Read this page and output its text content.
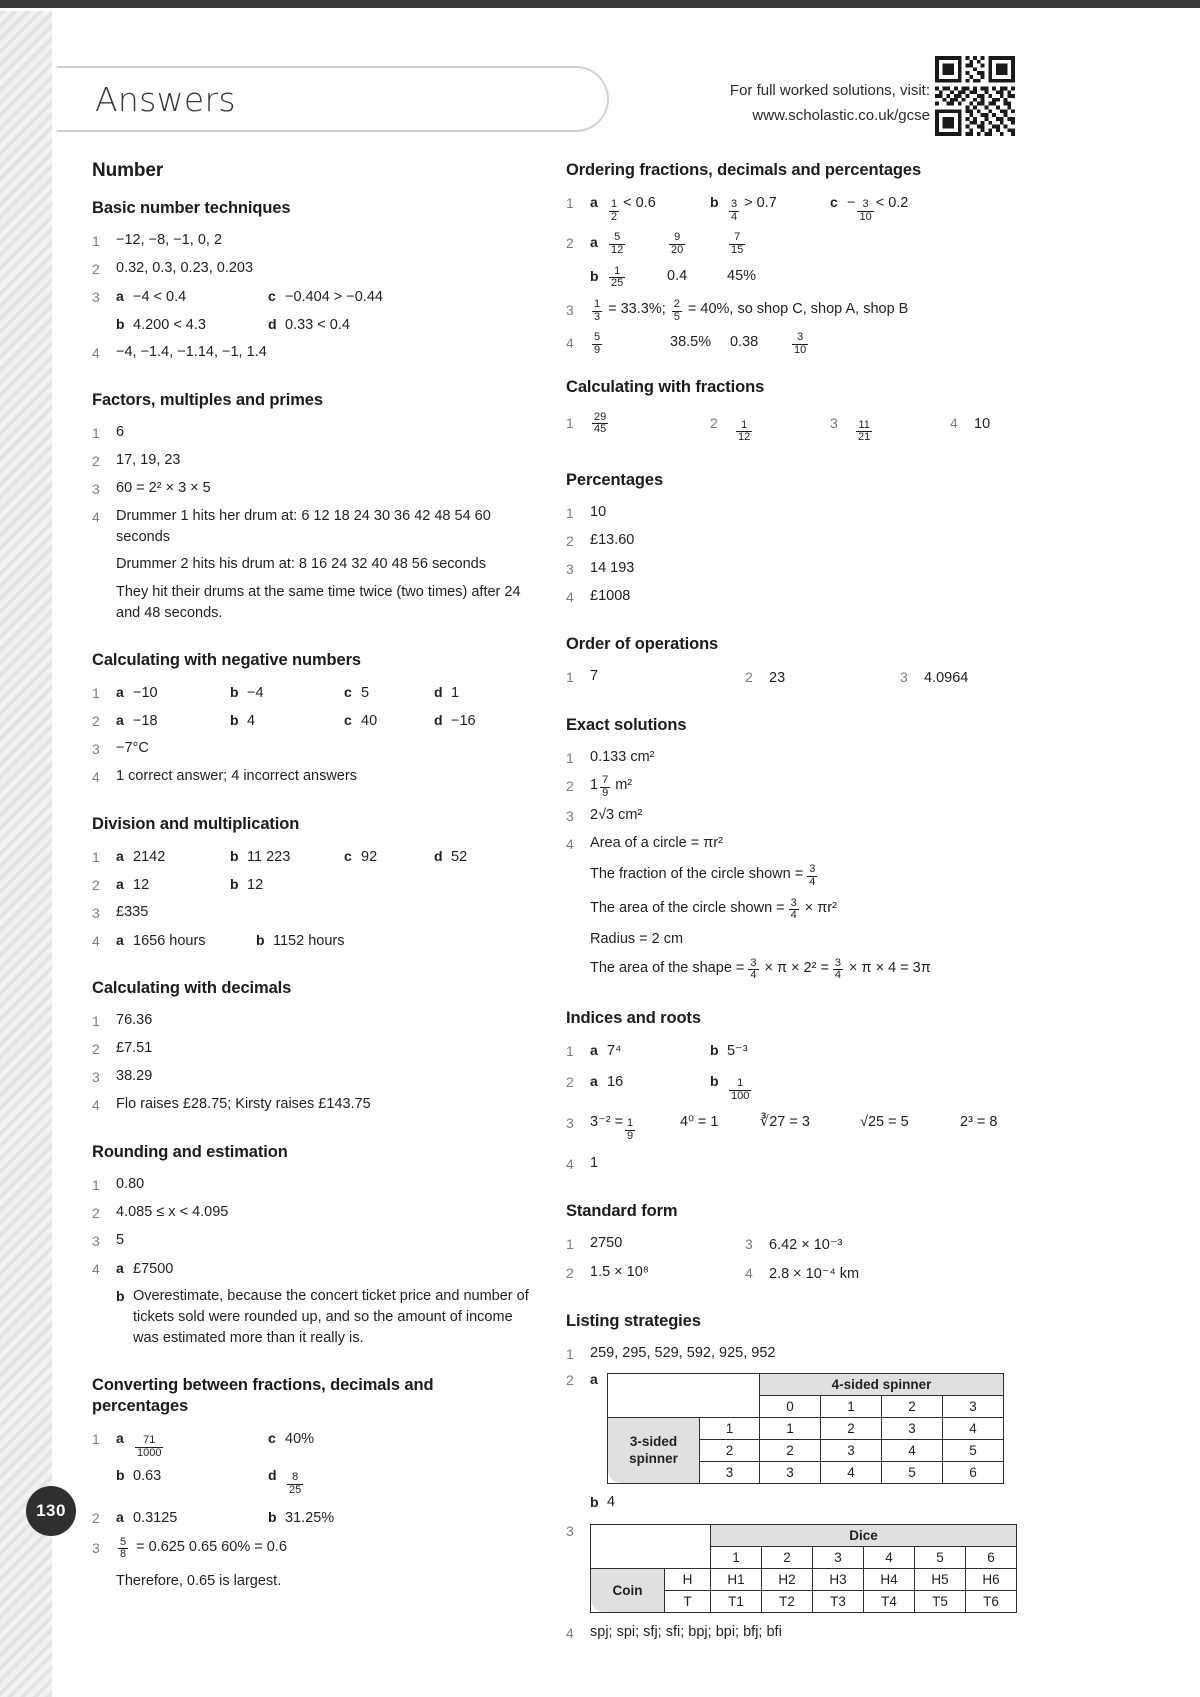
130
Answers	For full worked solutions, visit:
www.scholastic.co.uk/gcse
Number
Basic number techniques
1	−12, −8, −1, 0, 2
2	0.32, 0.3, 0.23, 0.203
3	a −4 < 0.4	c −0.404 > −0.44
b 4.200 < 4.3	d 0.33 < 0.4
4	−4, −1.4, −1.14, −1, 1.4
Factors, multiples and primes
1	6
2	17, 19, 23
3	60 = 2² × 3 × 5
4	Drummer 1 hits her drum at: 6 12 18 24 30 36 42 48 54 60 seconds
Drummer 2 hits his drum at: 8 16 24 32 40 48 56 seconds
They hit their drums at the same time twice (two times) after 24 and 48 seconds.
Calculating with negative numbers
1	a −10	b −4	c 5	d 1
2	a −18	b 4	c 40	d −16
3	−7°C
4	1 correct answer; 4 incorrect answers
Division and multiplication
1	a 2142	b 11 223	c 92	d 52
2	a 12	b 12
3	£335
4	a 1656 hours	b 1152 hours
Calculating with decimals
1	76.36
2	£7.51
3	38.29
4	Flo raises £28.75; Kirsty raises £143.75
Rounding and estimation
1	0.80
2	4.085 ≤ x < 4.095
3	5
4	a £7500
b Overestimate, because the concert ticket price and number of tickets sold were rounded up, and so the amount of income was estimated more than it really is.
Converting between fractions, decimals and percentages
1	a	$\frac{71}{1000}$	c 40%
b 0.63	d $\frac{8}{25}$
2	a 0.3125	b 31.25%
3	$\frac{5}{8} = 0.625$ 0.65 60% = 0.6
Therefore, 0.65 is largest.
Ordering fractions, decimals and percentages
1	a	$\frac{1}{2} < 0.6$	b $\frac{3}{4} > 0.7$	$c - \frac{3}{10} < 0.2$
2	a	$\frac{5}{12}$	$\frac{9}{20}$	$\frac{7}{15}$
b $\frac{1}{25}$	0.4	45%
3	$\frac{1}{3} = 33.3\%$; $\frac{2}{5} = 40\%$, so shop C, shop A, shop B
4	$\frac{5}{9}$	38.5% 0.38	$\frac{3}{10}$
Calculating with fractions
1	$\frac{29}{45}$	2	$\frac{1}{12}$	3	$\frac{11}{21}$	4	10
Percentages
1	10
2	£13.60
3	14 193
4	£1008
Order of operations
1	7	2	23	3	4.0964
Exact solutions
1	0.133 cm²
2	$1 \frac{7}{9} m^2$
3	2√3 cm²
4	Area of a circle = πr²
The fraction of the circle shown = $\frac{3}{4}$
The area of the circle shown = $\frac{3}{4} \times \pi r^2$
Radius = 2 cm
The area of the shape = $\frac{3}{4} \times \pi \times 2^2 = \frac{3}{4} \times \pi \times 4 = 3\pi$
Indices and roots
1	a 7⁴	b 5⁻³
2	a 16	b $\frac{1}{100}$
3	$3^{-2} = \frac{1}{9}$	4⁰ = 1	∛27 = 3	√25 = 5	2³ = 8
4	1
Standard form
1	2750	3	6.42 × 10⁻³
2	1.5 × 10⁸	4	2.8 × 10⁻⁴ km
Listing strategies
1	259, 295, 529, 592, 925, 952
2	a
		4-sided spinner			
		0	1	2	3
3-sided spinner	1	1	2	3	4
	2	2	3	4	5
	3	3	4	5	6
b 4
3
		Dice					
		1	2	3	4	5	6
Coin	H	H1	H2	H3	H4	H5	H6
	T	T1	T2	T3	T4	T5	T6
4	spj; spi; sfj; sfi; bpj; bpi; bfj; bfi
